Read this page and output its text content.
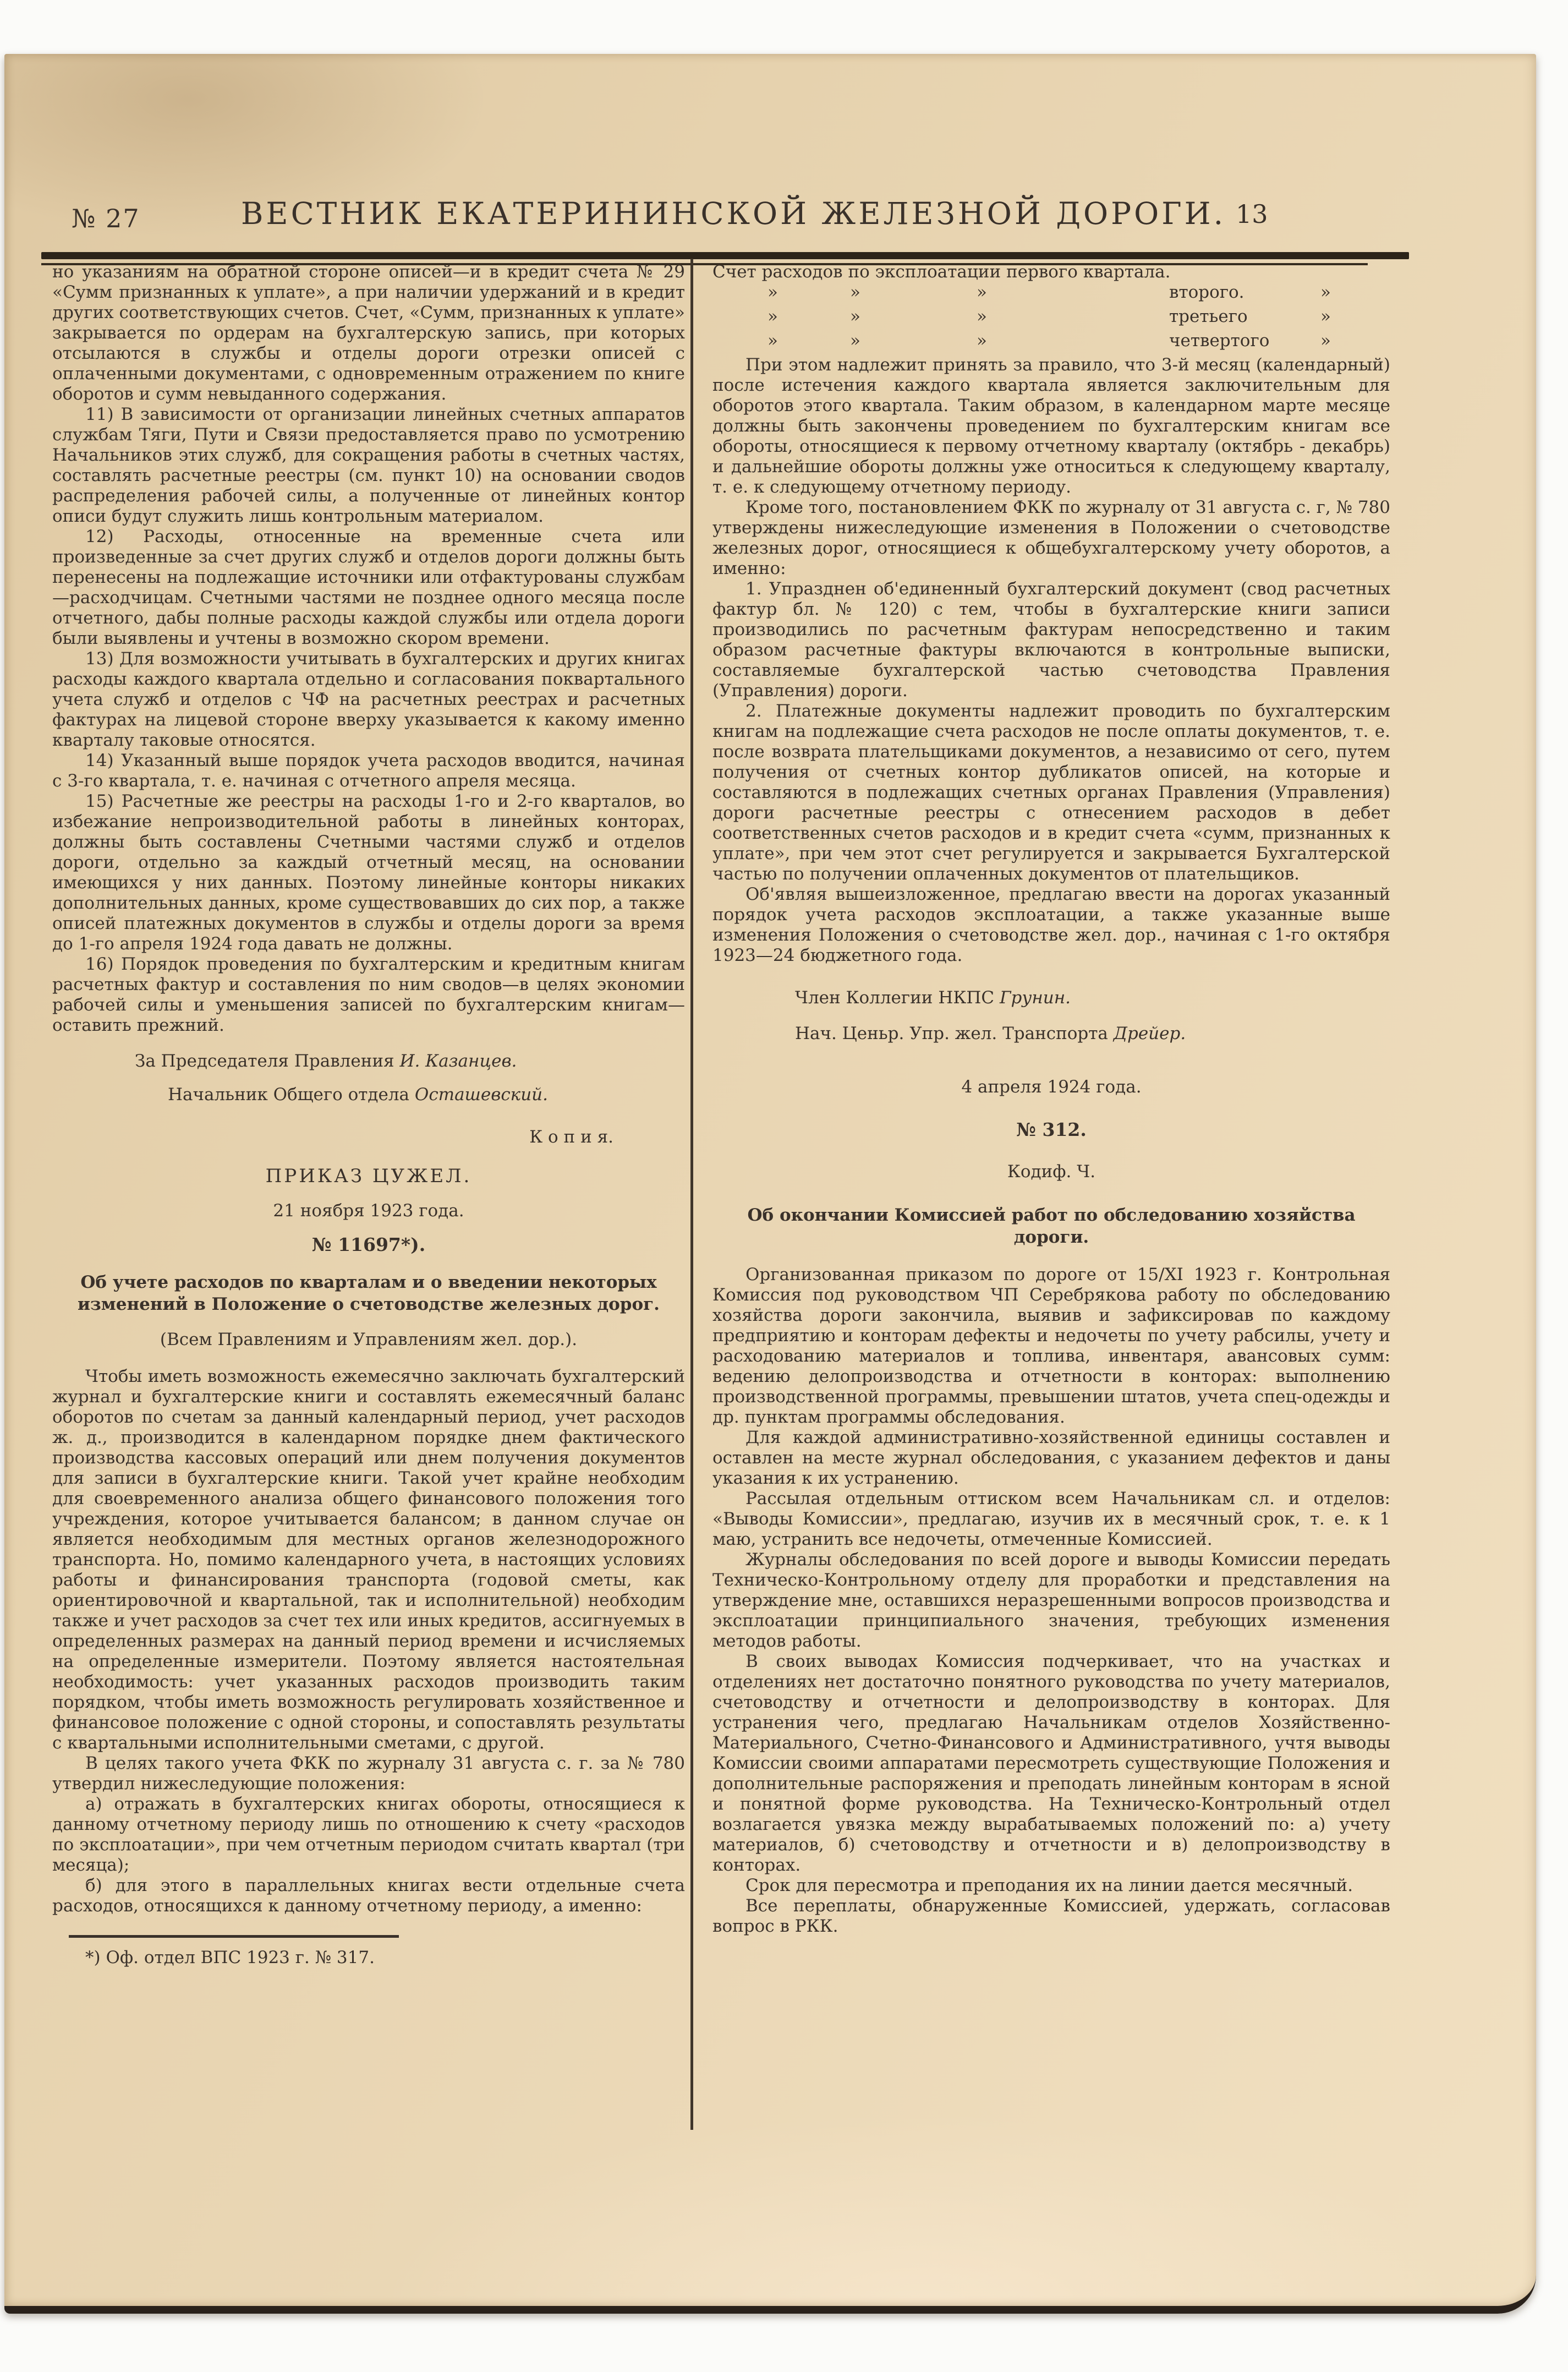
№ 27	ВЕСТНИК ЕКАТЕРИНИНСКОЙ ЖЕЛЕЗНОЙ ДОРОГИ. 13

но указаниям на обратной стороне описей—и в кредит счета № 29 «Сумм признанных к уплате», а при наличии удержаний и в кредит других соответствующих счетов. Счет, «Сумм, признанных к уплате» закрывается по ордерам на бухгалтерскую запись, при которых отсылаются в службы и отделы дороги отрезки описей с оплаченными документами, с одновременным отражением по книге оборотов и сумм невыданного содержания.

11) В зависимости от организации линейных счетных аппаратов службам Тяги, Пути и Связи предоставляется право по усмотрению Начальников этих служб, для сокращения работы в счетных частях, составлять расчетные реестры (см. пункт 10) на основании сводов распределения рабочей силы, а полученные от линейных контор описи будут служить лишь контрольным материалом.

12) Расходы, относенные на временные счета или произведенные за счет других служб и отделов дороги должны быть перенесены на подлежащие источники или отфактурованы службам—расходчицам. Счетными частями не позднее одного месяца после отчетного, дабы полные расходы каждой службы или отдела дороги были выявлены и учтены в возможно скором времени.

13) Для возможности учитывать в бухгалтерских и других книгах расходы каждого квартала отдельно и согласования поквартального учета служб и отделов с ЧФ на расчетных реестрах и расчетных фактурах на лицевой стороне вверху указывается к какому именно кварталу таковые относятся.

14) Указанный выше порядок учета расходов вводится, начиная с 3-го квартала, т. е. начиная с отчетного апреля месяца.

15) Расчетные же реестры на расходы 1-го и 2-го кварталов, во избежание непроизводительной работы в линейных конторах, должны быть составлены Счетными частями служб и отделов дороги, отдельно за каждый отчетный месяц, на основании имеющихся у них данных. Поэтому линейные конторы никаких дополнительных данных, кроме существовавших до сих пор, а также описей платежных документов в службы и отделы дороги за время до 1-го апреля 1924 года давать не должны.

16) Порядок проведения по бухгалтерским и кредитным книгам расчетных фактур и составления по ним сводов—в целях экономии рабочей силы и уменьшения записей по бухгалтерским книгам—оставить прежний.

За Председателя Правления И. Казанцев.
Начальник Общего отдела Осташевский.
К о п и я.
ПРИКАЗ ЦУЖЕЛ.
21 ноября 1923 года.
№ 11697*).
Об учете расходов по кварталам и о введении некоторых изменений в Положение о счетоводстве железных дорог.
(Всем Правлениям и Управлениям жел. дор.).

Чтобы иметь возможность ежемесячно заключать бухгалтерский журнал и бухгалтерские книги и составлять ежемесячный баланс оборотов по счетам за данный календарный период, учет расходов ж. д., производится в календарном порядке днем фактического производства кассовых операций или днем получения документов для записи в бухгалтерские книги. Такой учет крайне необходим для своевременного анализа общего финансового положения того учреждения, которое учитывается балансом; в данном случае он является необходимым для местных органов железнодорожного транспорта. Но, помимо календарного учета, в настоящих условиях работы и финансирования транспорта (годовой сметы, как ориентировочной и квартальной, так и исполнительной) необходим также и учет расходов за счет тех или иных кредитов, ассигнуемых в определенных размерах на данный период времени и исчисляемых на определенные измерители. Поэтому является настоятельная необходимость: учет указанных расходов производить таким порядком, чтобы иметь возможность регулировать хозяйственное и финансовое положение с одной стороны, и сопоставлять результаты с квартальными исполнительными сметами, с другой.

В целях такого учета ФКК по журналу 31 августа с. г. за № 780 утвердил нижеследующие положения:

а) отражать в бухгалтерских книгах обороты, относящиеся к данному отчетному периоду лишь по отношению к счету «расходов по эксплоатации», при чем отчетным периодом считать квартал (три месяца);

б) для этого в параллельных книгах вести отдельные счета расходов, относящихся к данному отчетному периоду, а именно:

*) Оф. отдел ВПС 1923 г. № 317.

Счет расходов по эксплоатации первого квартала.

»	»	»	второго.	»
»	»	»	третьего	»
»	»	»	четвертого	»

При этом надлежит принять за правило, что 3-й месяц (календарный) после истечения каждого квартала является заключительным для оборотов этого квартала. Таким образом, в календарном марте месяце должны быть закончены проведением по бухгалтерским книгам все обороты, относящиеся к первому отчетному кварталу (октябрь - декабрь) и дальнейшие обороты должны уже относиться к следующему кварталу, т. е. к следующему отчетному периоду.

Кроме того, постановлением ФКК по журналу от 31 августа с. г, № 780 утверждены нижеследующие изменения в Положении о счетоводстве железных дорог, относящиеся к общебухгалтерскому учету оборотов, а именно:

1. Упразднен об'единенный бухгалтерский документ (свод расчетных фактур бл. № 120) с тем, чтобы в бухгалтерские книги записи производились по расчетным фактурам непосредственно и таким образом расчетные фактуры включаются в контрольные выписки, составляемые бухгалтерской частью счетоводства Правления (Управления) дороги.

2. Платежные документы надлежит проводить по бухгалтерским книгам на подлежащие счета расходов не после оплаты документов, т. е. после возврата плательщиками документов, а независимо от сего, путем получения от счетных контор дубликатов описей, на которые и составляются в подлежащих счетных органах Правления (Управления) дороги расчетные реестры с отнесением расходов в дебет соответственных счетов расходов и в кредит счета «сумм, признанных к уплате», при чем этот счет регулируется и закрывается Бухгалтерской частью по получении оплаченных документов от плательщиков.

Об'являя вышеизложенное, предлагаю ввести на дорогах указанный порядок учета расходов эксплоатации, а также указанные выше изменения Положения о счетоводстве жел. дор., начиная с 1-го октября 1923—24 бюджетного года.

Член Коллегии НКПС Грунин.
Нач. Ценьр. Упр. жел. Транспорта Дрейер.
4 апреля 1924 года.
№ 312.
Кодиф. Ч.
Об окончании Комиссией работ по обследованию хозяйства дороги.

Организованная приказом по дороге от 15/XI 1923 г. Контрольная Комиссия под руководством ЧП Серебрякова работу по обследованию хозяйства дороги закончила, выявив и зафиксировав по каждому предприятию и конторам дефекты и недочеты по учету рабсилы, учету и расходованию материалов и топлива, инвентаря, авансовых сумм: ведению делопроизводства и отчетности в конторах: выполнению производственной программы, превышении штатов, учета спец-одежды и др. пунктам программы обследования.

Для каждой административно-хозяйственной единицы составлен и оставлен на месте журнал обследования, с указанием дефектов и даны указания к их устранению.

Рассылая отдельным оттиском всем Начальникам сл. и отделов: «Выводы Комиссии», предлагаю, изучив их в месячный срок, т. е. к 1 маю, устранить все недочеты, отмеченные Комиссией.

Журналы обследования по всей дороге и выводы Комиссии передать Техническо-Контрольному отделу для проработки и представления на утверждение мне, оставшихся неразрешенными вопросов производства и эксплоатации принципиального значения, требующих изменения методов работы.

В своих выводах Комиссия подчеркивает, что на участках и отделениях нет достаточно понятного руководства по учету материалов, счетоводству и отчетности и делопроизводству в конторах. Для устранения чего, предлагаю Начальникам отделов Хозяйственно-Материального, Счетно-Финансового и Административного, учтя выводы Комиссии своими аппаратами пересмотреть существующие Положения и дополнительные распоряжения и преподать линейным конторам в ясной и понятной форме руководства. На Техническо-Контрольный отдел возлагается увязка между вырабатываемых положений по: а) учету материалов, б) счетоводству и отчетности и в) делопроизводству в конторах.

Срок для пересмотра и преподания их на линии дается месячный.

Все переплаты, обнаруженные Комиссией, удержать, согласовав вопрос в РКК.
